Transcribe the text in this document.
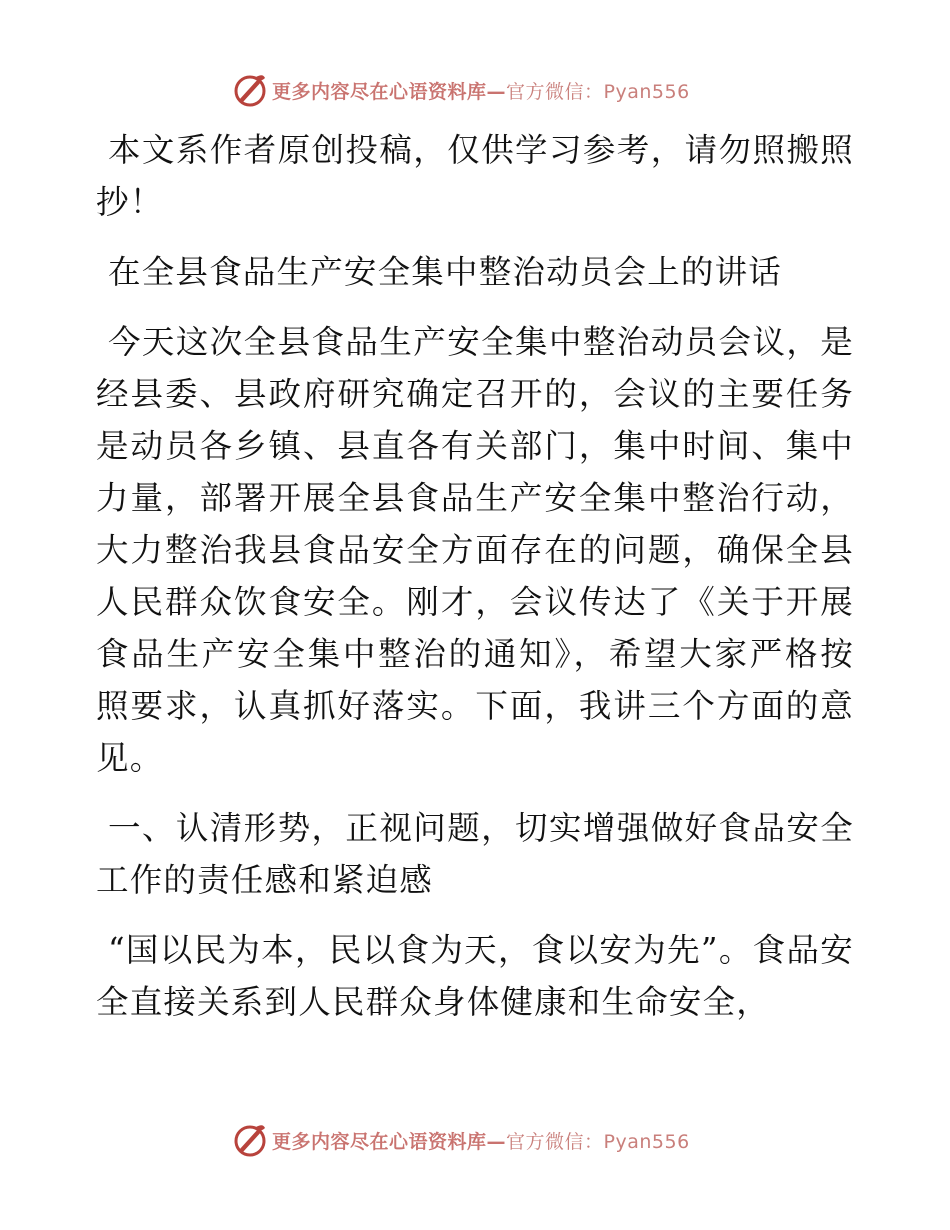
更多内容尽在心语资料库—官方微信：Pyan556

本文系作者原创投稿，仅供学习参考，请勿照搬照抄！

在全县食品生产安全集中整治动员会上的讲话

今天这次全县食品生产安全集中整治动员会议，是经县委、县政府研究确定召开的，会议的主要任务是动员各乡镇、县直各有关部门，集中时间、集中力量，部署开展全县食品生产安全集中整治行动，大力整治我县食品安全方面存在的问题，确保全县人民群众饮食安全。刚才，会议传达了《关于开展食品生产安全集中整治的通知》，希望大家严格按照要求，认真抓好落实。下面，我讲三个方面的意见。

一、认清形势，正视问题，切实增强做好食品安全工作的责任感和紧迫感

“国以民为本，民以食为天，食以安为先”。食品安全直接关系到人民群众身体健康和生命安全，

更多内容尽在心语资料库—官方微信：Pyan556
